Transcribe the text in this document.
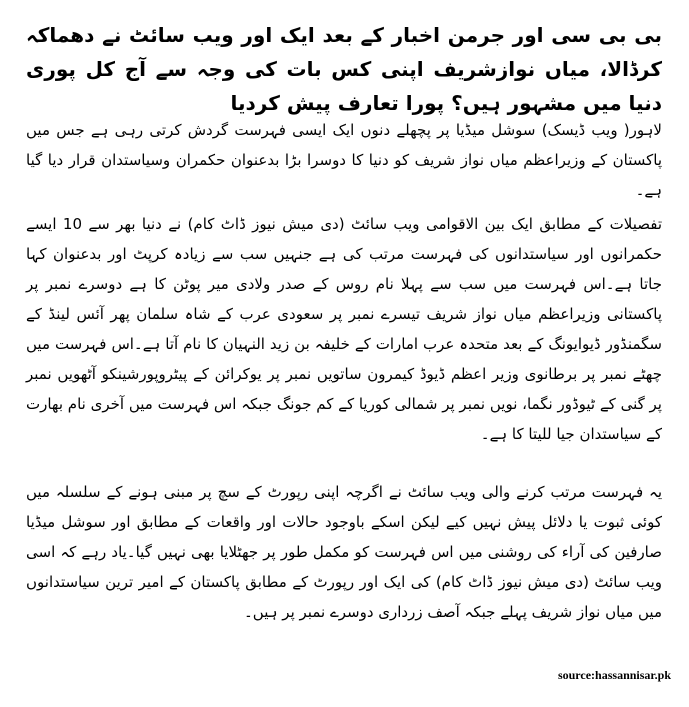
بی بی سی اور جرمن اخبار کے بعد ایک اور ویب سائٹ نے دھماکہ کرڈالا، میاں نوازشریف اپنی کس بات کی وجہ سے آج کل پوری دنیا میں مشہور ہیں؟ پورا تعارف پیش کردیا

لاہور( ویب ڈیسک) سوشل میڈیا پر پچھلے دنوں ایک ایسی فہرست گردش کرتی رہی ہے جس میں پاکستان کے وزیراعظم میاں نواز شریف کو دنیا کا دوسرا بڑا بدعنوان حکمران وسیاستدان قرار دیا گیا ہے۔

تفصیلات کے مطابق ایک بین الاقوامی ویب سائٹ (دی میش نیوز ڈاٹ کام) نے دنیا بھر سے 10 ایسے حکمرانوں اور سیاستدانوں کی فہرست مرتب کی ہے جنہیں سب سے زیادہ کرپٹ اور بدعنوان کہا جاتا ہے۔اس فہرست میں سب سے پہلا نام روس کے صدر ولادی میر پوٹن کا ہے دوسرے نمبر پر پاکستانی وزیراعظم میاں نواز شریف تیسرے نمبر پر سعودی عرب کے شاہ سلمان پھر آئس لینڈ کے سگمنڈور ڈیوایونگ کے بعد متحدہ عرب امارات کے خلیفہ بن زید النہیان کا نام آتا ہے۔اس فہرست میں چھٹے نمبر پر برطانوی وزیر اعظم ڈیوڈ کیمرون ساتویں نمبر پر یوکرائن کے پیٹروپورشینکو آٹھویں نمبر پر گنی کے ٹیوڈور نگما، نویں نمبر پر شمالی کوریا کے کم جونگ جبکہ اس فہرست میں آخری نام بھارت کے سیاستدان جیا للیتا کا ہے۔

یہ فہرست مرتب کرنے والی ویب سائٹ نے اگرچہ اپنی رپورٹ کے سچ پر مبنی ہونے کے سلسلہ میں کوئی ثبوت یا دلائل پیش نہیں کیے لیکن اسکے باوجود حالات اور واقعات کے مطابق اور سوشل میڈیا صارفین کی آراء کی روشنی میں اس فہرست کو مکمل طور پر جھٹلایا بھی نہیں گیا۔یاد رہے کہ اسی ویب سائٹ (دی میش نیوز ڈاٹ کام) کی ایک اور رپورٹ کے مطابق پاکستان کے امیر ترین سیاستدانوں میں میاں نواز شریف پہلے جبکہ آصف زرداری دوسرے نمبر پر ہیں۔

source:hassannisar.pk
